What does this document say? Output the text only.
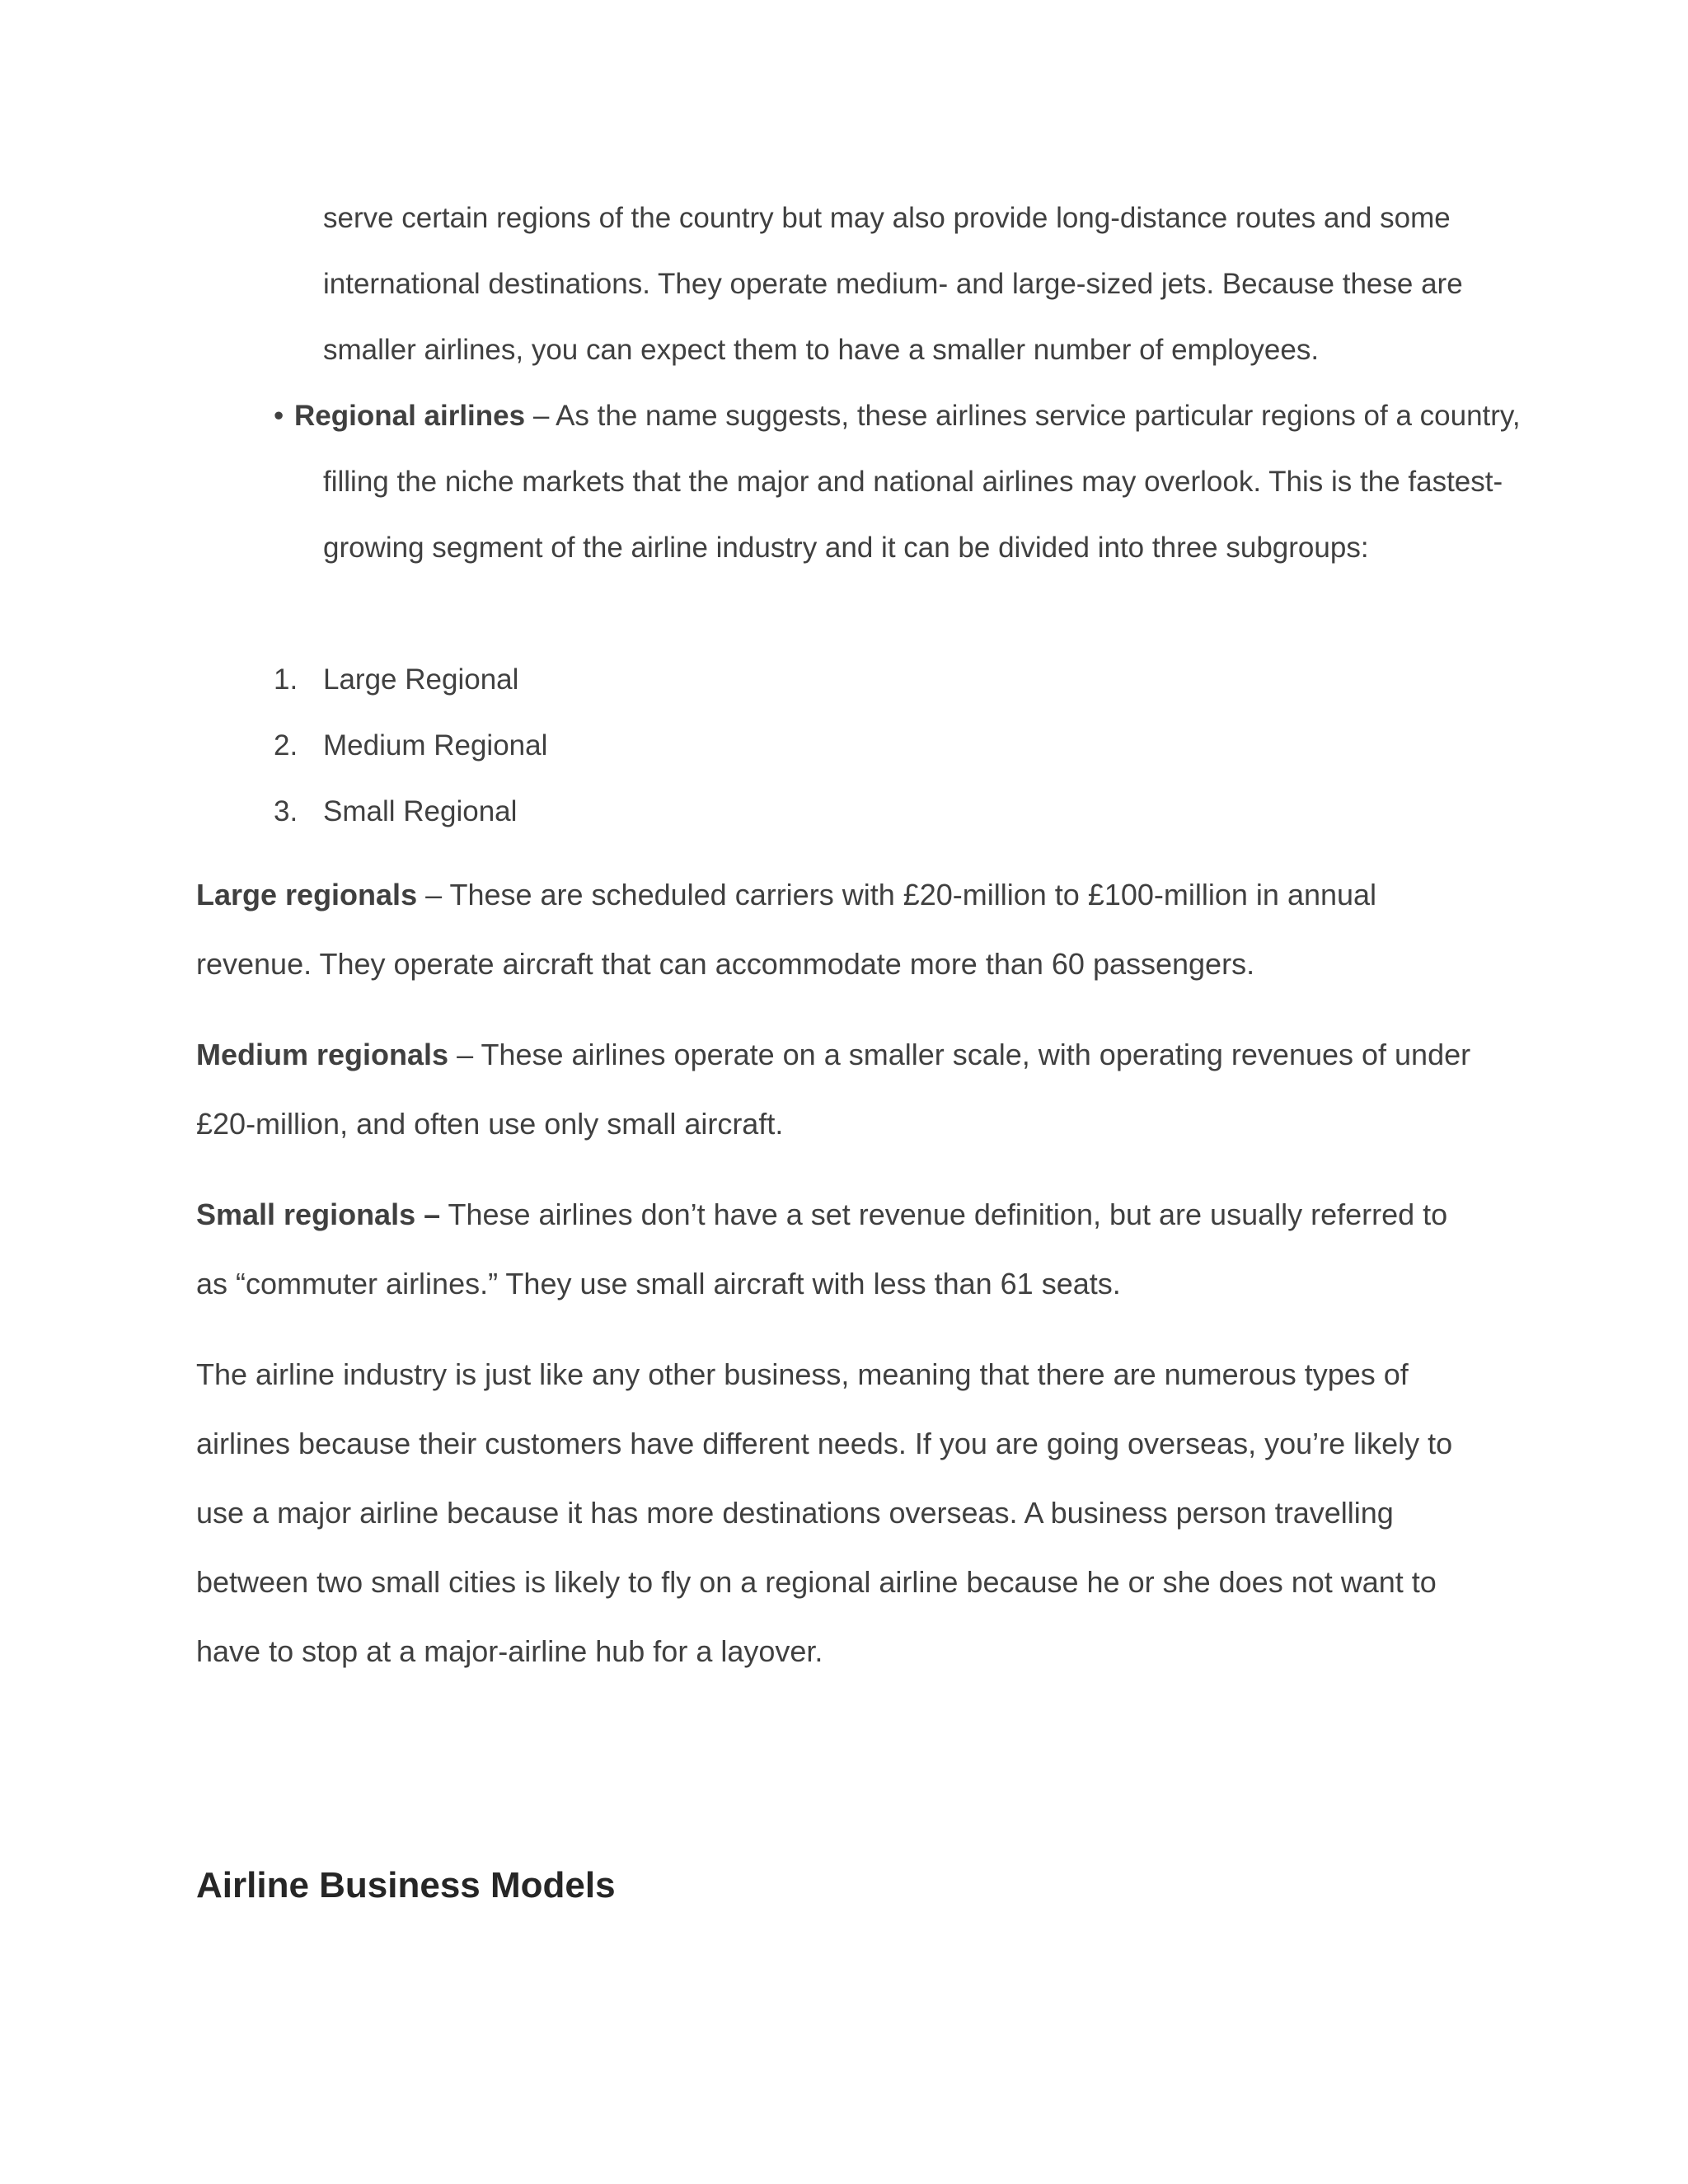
serve certain regions of the country but may also provide long-distance routes and some international destinations. They operate medium- and large-sized jets. Because these are smaller airlines, you can expect them to have a smaller number of employees.

•Regional airlines – As the name suggests, these airlines service particular regions of a country, filling the niche markets that the major and national airlines may overlook. This is the fastest-growing segment of the airline industry and it can be divided into three subgroups:

1. Large Regional
2. Medium Regional
3. Small Regional

Large regionals – These are scheduled carriers with £20-million to £100-million in annual revenue. They operate aircraft that can accommodate more than 60 passengers.

Medium regionals – These airlines operate on a smaller scale, with operating revenues of under £20-million, and often use only small aircraft.

Small regionals – These airlines don’t have a set revenue definition, but are usually referred to as “commuter airlines.” They use small aircraft with less than 61 seats.

The airline industry is just like any other business, meaning that there are numerous types of airlines because their customers have different needs. If you are going overseas, you’re likely to use a major airline because it has more destinations overseas. A business person travelling between two small cities is likely to fly on a regional airline because he or she does not want to have to stop at a major-airline hub for a layover.

Airline Business Models
